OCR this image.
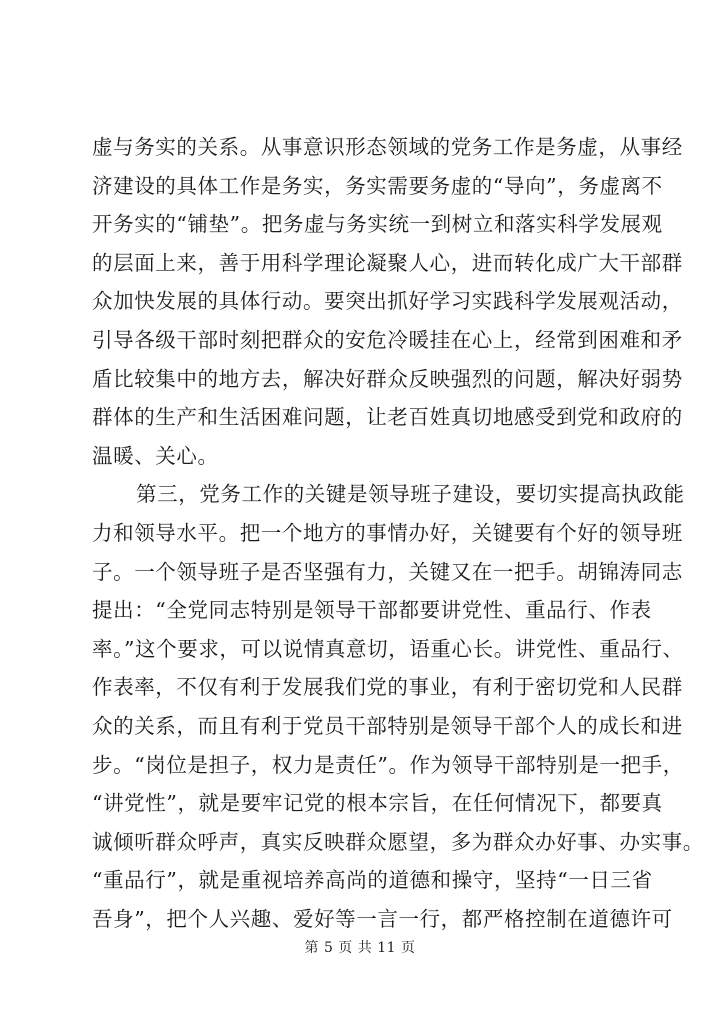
虚与务实的关系。从事意识形态领域的党务工作是务虚，从事经
济建设的具体工作是务实，务实需要务虚的“导向”，务虚离不
开务实的“铺垫”。把务虚与务实统一到树立和落实科学发展观
的层面上来，善于用科学理论凝聚人心，进而转化成广大干部群
众加快发展的具体行动。要突出抓好学习实践科学发展观活动，
引导各级干部时刻把群众的安危冷暖挂在心上，经常到困难和矛
盾比较集中的地方去，解决好群众反映强烈的问题，解决好弱势
群体的生产和生活困难问题，让老百姓真切地感受到党和政府的
温暖、关心。
第三，党务工作的关键是领导班子建设，要切实提高执政能
力和领导水平。把一个地方的事情办好，关键要有个好的领导班
子。一个领导班子是否坚强有力，关键又在一把手。胡锦涛同志
提出：“全党同志特别是领导干部都要讲党性、重品行、作表
率。”这个要求，可以说情真意切，语重心长。讲党性、重品行、
作表率，不仅有利于发展我们党的事业，有利于密切党和人民群
众的关系，而且有利于党员干部特别是领导干部个人的成长和进
步。“岗位是担子，权力是责任”。作为领导干部特别是一把手，
“讲党性”，就是要牢记党的根本宗旨，在任何情况下，都要真
诚倾听群众呼声，真实反映群众愿望，多为群众办好事、办实事。
“重品行”，就是重视培养高尚的道德和操守，坚持“一日三省
吾身”，把个人兴趣、爱好等一言一行，都严格控制在道德许可
第 5 页 共 11 页
